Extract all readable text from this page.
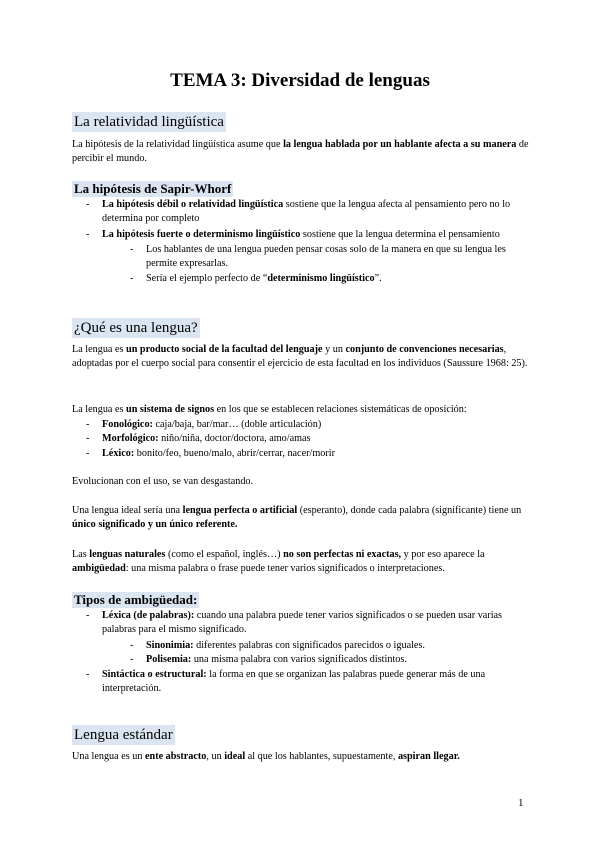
TEMA 3: Diversidad de lenguas
La relatividad lingüística

La hipótesis de la relatividad lingüística asume que la lengua hablada por un hablante afecta a su manera de percibir el mundo.

La hipótesis de Sapir-Whorf

- La hipótesis débil o relatividad lingüística sostiene que la lengua afecta al pensamiento pero no lo determina por completo

- La hipótesis fuerte o determinismo lingüístico sostiene que la lengua determina el pensamiento

- Los hablantes de una lengua pueden pensar cosas solo de la manera en que su lengua les permite expresarlas.

- Sería el ejemplo perfecto de “determinismo lingüístico”.

¿Qué es una lengua?

La lengua es un producto social de la facultad del lenguaje y un conjunto de convenciones necesarias, adoptadas por el cuerpo social para consentir el ejercicio de esta facultad en los individuos (Saussure 1968: 25).

La lengua es un sistema de signos en los que se establecen relaciones sistemáticas de oposición:

- Fonológico: caja/baja, bar/mar… (doble articulación)

- Morfológico: niño/niña, doctor/doctora, amo/amas

- Léxico: bonito/feo, bueno/malo, abrir/cerrar, nacer/morir

Evolucionan con el uso, se van desgastando.

Una lengua ideal sería una lengua perfecta o artificial (esperanto), donde cada palabra (significante) tiene un único significado y un único referente.

Las lenguas naturales (como el español, inglés…) no son perfectas ni exactas, y por eso aparece la ambigüedad: una misma palabra o frase puede tener varios significados o interpretaciones.

Tipos de ambigüedad:

- Léxica (de palabras): cuando una palabra puede tener varios significados o se pueden usar varias palabras para el mismo significado.

- Sinonimia: diferentes palabras con significados parecidos o iguales.

- Polisemia: una misma palabra con varios significados distintos.

- Sintáctica o estructural: la forma en que se organizan las palabras puede generar más de una interpretación.

Lengua estándar

Una lengua es un ente abstracto, un ideal al que los hablantes, supuestamente, aspiran llegar.

1
